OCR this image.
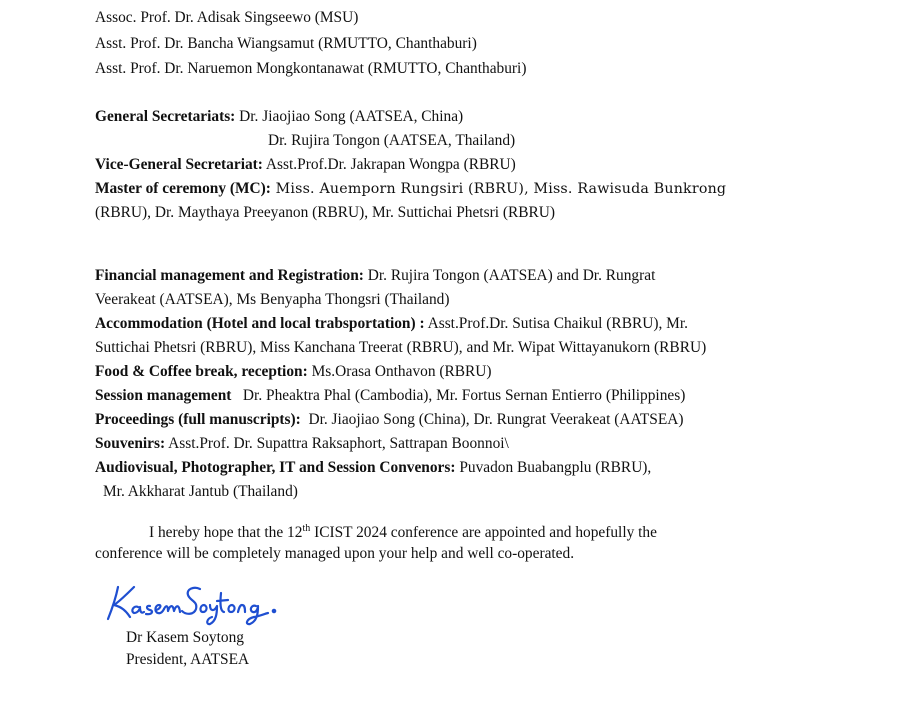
Assoc. Prof. Dr. Adisak Singseewo (MSU)
Asst. Prof. Dr. Bancha Wiangsamut (RMUTTO, Chanthaburi)
Asst. Prof. Dr. Naruemon Mongkontanawat (RMUTTO, Chanthaburi)
General Secretariats: Dr. Jiaojiao Song (AATSEA, China)
Dr. Rujira Tongon (AATSEA, Thailand)
Vice-General Secretariat: Asst.Prof.Dr. Jakrapan Wongpa (RBRU)
Master of ceremony (MC): Miss. Auemporn Rungsiri (RBRU), Miss. Rawisuda Bunkrong
(RBRU), Dr. Maythaya Preeyanon (RBRU), Mr. Suttichai Phetsri (RBRU)
Financial management and Registration: Dr. Rujira Tongon (AATSEA) and Dr. Rungrat
Veerakeat (AATSEA), Ms Benyapha Thongsri (Thailand)
Accommodation (Hotel and local trabsportation) : Asst.Prof.Dr. Sutisa Chaikul (RBRU), Mr.
Suttichai Phetsri (RBRU), Miss Kanchana Treerat (RBRU), and Mr. Wipat Wittayanukorn (RBRU)
Food & Coffee break, reception: Ms.Orasa Onthavon (RBRU)
Session management   Dr. Pheaktra Phal (Cambodia), Mr. Fortus Sernan Entierro (Philippines)
Proceedings (full manuscripts):  Dr. Jiaojiao Song (China), Dr. Rungrat Veerakeat (AATSEA)
Souvenirs: Asst.Prof. Dr. Supattra Raksaphort, Sattrapan Boonnoi\
Audiovisual, Photographer, IT and Session Convenors: Puvadon Buabangplu (RBRU),
Mr. Akkharat Jantub (Thailand)
I hereby hope that the 12th ICIST 2024 conference are appointed and hopefully the
conference will be completely managed upon your help and well co-operated.
KasemSoytong
Dr Kasem Soytong
President, AATSEA
